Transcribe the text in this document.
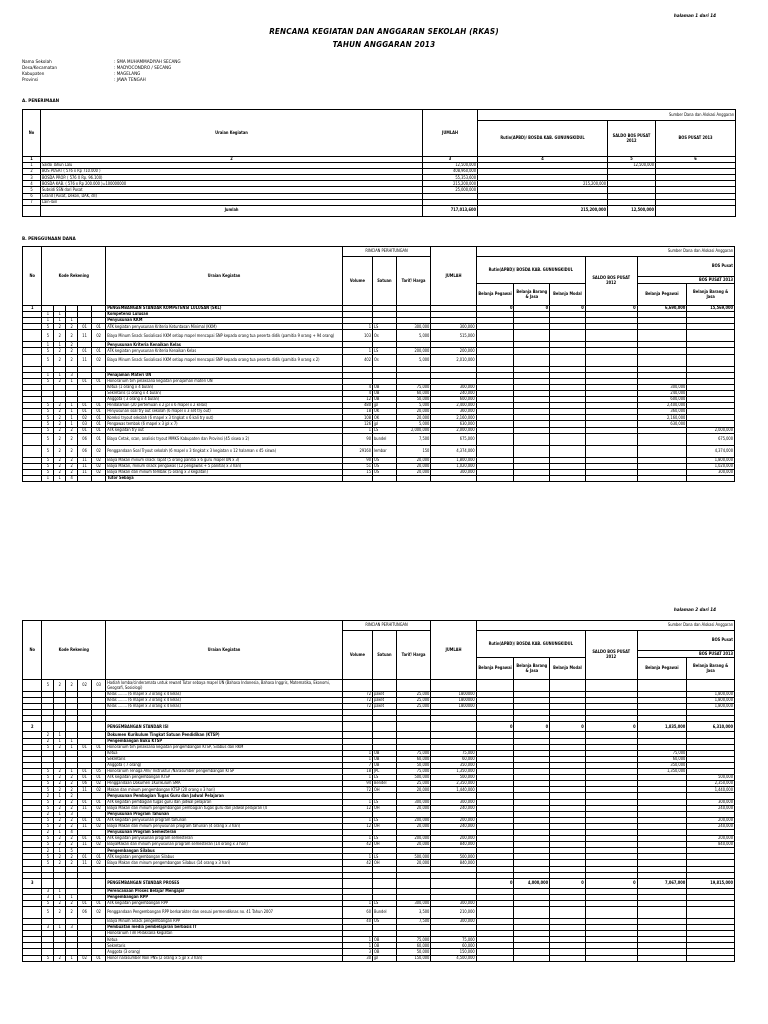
halaman 1 dari 14
RENCANA KEGIATAN DAN ANGGARAN SEKOLAH (RKAS)
TAHUN ANGGARAN 2013
Nama Sekolah	: SMA MUHAMMADIYAH SECANG
Desa/Kecamatan	: MADYOCONDRO / SECANG
Kabupaten	: MAGELANG
Provinsi	: JAWA TENGAH
A. PENERIMAAN
No	Uraian Kegiatan	JUMLAH	Sumber Dana dan Alokasi Anggaran		
			Rutin(APBD)/ BOSDA KAB. GUNUNGKIDUL	SALDO BOS PUSAT 2012	BOS PUSAT 2013
1	2	3	4	5	6
1	Saldo Tahun Lalu	12,500,000		12,500,000	
2	BOS PUSAT ( 576 x Rp 710.000 )	408,960,000			
3	BOSDA PROP. ( 576 X Rp. 96.100)	55,353,600			
4	BOSDA KAB. ( 576 x Rp 200.000 )=100000000	215,200,000	215,200,000		
5	Subsidi SSN dari Pusat	25,000,000			
6	Grand (Pusat, Dekon, DAK, dll)				
7	Lain-lain				
	Jumlah	717,013,600	215,200,000	12,500,000	
B. PENGGUNAAN DANA
No	Kode Rekening					Uraian Kegiatan	RINCIAN PERHITUNGAN			JUMLAH	Sumber Dana dan Alokasi Anggaran					
							Volume	Satuan	Tarif/ Harga		Rutin(APBD)/ BOSDA KAB. GUNUNGKIDUL			SALDO BOS PUSAT 2012	BOS Pusat	
															BOS PUSAT 2013	
											Belanja Pegawai	Belanja Barang & Jasa	Belanja Modal		Belanja Pegawai	Belanja Barang & Jasa
1						PENGEMBANGAN STANDAR KOMPETENSI LULUSAN (SKL)					0	0	0	0	6,690,000	15,569,000
	1	1				Kompetensi Lulusan										
	1	1	1			Penyusunan KKM										
	5	2	2	01	01	ATK kegiatan penyusunan Kriteria Ketuntasan Minimal (KKM)	1	LS	300,000	300,000						
	5	2	2	11	02	Biaya Minum Snack Sosialisasi KKM setiap mapel mencapai SNP kepada orang tua peserta didik (pamitia 9 orang + 94 orang)	103	Os	5,000	515,000						
	1	1	2			Penyusunan Kriteria Kenaikan Kelas										
	5	2	2	01	01	ATK kegiatan penyusunan Kriteria Kenaikan Kelas	1	LS	200,000	200,000						
	5	2	2	11	02	Biaya Minum Snack Sosialisasi KKM setiap mapel mencapai SNP kepada orang tua peserta didik (pamitia 9 orang x 2)	402	Os	5,000	2,010,000						

	1	1	3			Penajaman Materi UN										
	5	2	1	01	01	Honorarium tim pelaksana kegiatan penajaman materi UN										
						Ketua (1 orang x 4 bulan)	4	OB	75,000	300,000					300,000	
						Sekretaris (1 orang x 4 bulan)	4	OB	60,000	240,000					240,000	
						Anggota ( 3 orang x 4 bulan)	12	OB	50,000	600,000					600,000	
	5	2	1	01	01	Pendalaman (20 pertemuan x 2 jpl x 6 mapel x 2 kelas)	480	jpl	5,000	2,400,000					2,400,000	
	5	2	1	01	01	Penyusunan soal try out sekolah (6 mapel x 3 set try out)	18	OK	20,000	360,000					360,000	
	5	2	1	02	01	Koreksi tryout sekolah (6 mapel x 3 tingkat x 6 kali try out)	108	OK	20,000	2,160,000					2,160,000	
	5	2	1	03	01	Pengawas tembak (6 mapel x 3 jpl x 7)	126	jpl	5,000	630,000					630,000	
	5	2	2	01	01	ATK kegiatan try out	1	LS	2,000,000	2,000,000						2,000,000
	5	2	2	06	01	Biaya Cetak, scan, analisis tryout MMKS Kabupaten dan Provinsi (45 siswa x 2)	90	bundel	7,500	675,000						675,000
	5	2	2	06	02	Penggandaan Soal Tryout sekolah (6 mapel x 3 tingkat x 3 kegiatan x 12 halaman x 45 siswa)	29160	lembar	150	4,374,000						4,374,000
	5	2	2	11	02	Biaya Makan minum snack rapat (5 orang panitia x 6 guru mapel UN x 3)	90	OS	20,000	1,800,000						1,800,000
	5	2	2	11	02	Biaya Makan, minum snack pengawas (12 pengawas + 5 panitia) x 3 hari)	51	OS	20,000	1,020,000						1,020,000
	5	2	2	11	02	Biaya Makan dan minum tembak (5 orang x 3 kegiatan)	15	OS	20,000	300,000						300,000
	1	1	4			Tutor Sebaya										
halaman 2 dari 14
No	Kode Rekening					Uraian Kegiatan	RINCIAN PERHITUNGAN			JUMLAH	Sumber Dana dan Alokasi Anggaran					
							Volume	Satuan	Tarif/ Harga		Rutin(APBD)/ BOSDA KAB. GUNUNGKIDUL			SALDO BOS PUSAT 2012	BOS Pusat	
															BOS PUSAT 2013	
											Belanja Pegawai	Belanja Barang & Jasa	Belanja Modal		Belanja Pegawai	Belanja Barang & Jasa
	5	2	2	02	03	Hadiah lomba/cinderamata untuk reward Tutor sebaya mapel UN (Bahasa Indonesia, Bahasa Inggris, Matematika, Ekonomi, Geografi, Sosiologi)										
						Kelas ........ (6 mapel x 3 orang x 4 kelas)	72	paket	25,000	1800000						1,800,000
						Kelas ........ (6 mapel x 3 orang x 4 kelas)	72	paket	25,000	1800000						1,800,000
						Kelas ........ (6 mapel x 3 orang x 4 kelas)	72	paket	25,000	1800000						1,800,000

2						PENGEMBANGAN STANDAR ISI					0	0	0	0	1,835,000	6,310,000
	2	1				Dokumen Kurikulum Tingkat Satuan Pendidikan (KTSP)										
	2	1	1			Pengembangan Buku KTSP										
	5	2	1	01	01	Honorarium tim pelaksana kegiatan pengembangan KTSP, Silabus dan RKM										
						Ketua	1	OB	75,000	75,000					75,000	
						Sekretaris	1	OB	60,000	60,000					60,000	
						Anggota ( 7 orang)	7	OB	50,000	350,000					350,000	
	5	2	1	01	05	Honorarium Tenaga Ahli/ Instruktur /Narasumber pengembangan KTSP	18	JPL	75,000	1,350,000					1,350,000	
	5	2	2	01	01	ATK kegiatan pengembangan KTSP	1	LS	500,000	500,000						500,000
	5	2	2	06	02	Penggandaan Dokumen 1Kurikulum SMA	94	Bendel	25,000	2,350,000						2,350,000
	5	2	2	11	02	Makan dan minum pengembangan KTSP (20 orang x 3 hari)	72	OH	20,000	1,440,000						1,440,000
	2	1	2			Penyusunan Pembagian Tugas Guru dan Jadwal Pelajaran										
	5	2	2	01	01	ATK kegiatan pembagian tugas guru dan jadwal pelajaran	1	LS	300,000	300,000						300,000
	5	2	2	11	02	Biaya Makan dan minum pengembangan pembagian tugas guru dan jadwal pelajaran (4	12	OH	20,000	240,000						240,000
	2	1	3			Penyusunan Program Tahunan										
	5	2	2	01	01	ATK kegiatan penyusunan program tahunan	1	LS	200,000	200,000						200,000
	5	2	2	11	02	Biaya Makan dan minum penyusunan program tahunan (4 orang x 3 hari)	12	OH	20,000	240,000						240,000
	2	1	4			Penyusunan Program Semesteran										
	5	2	2	01	01	ATK kegiatan penyusunan program semesteran	1	LS	200,000	200,000						200,000
	5	2	2	11	02	BiayaMakan dan minum penyusunan program semesteran (14 orang x 3 hari)	42	OH	20,000	840,000						840,000
	2	1	5			Pengembangan Silabus										
	5	2	2	01	01	ATK kegiatan pengembangan Silabus	1	LS	500,000	500,000						
	5	2	2	11	02	Biaya Makan dan minum pengembangan Silabus (14 orang x 3 hari)	42	OH	20,000	840,000						

3						PENGEMBANGAN STANDAR PROSES					0	4,000,000	0	0	7,067,000	19,815,000
	3	1				Perencanaan Proses Belajar Mengajar										
	3	1	1			Pengembangan RPP										
	5	2	2	01	01	ATK kegiatan pengembangan RPP	1	LS	300,000	300,000						
	5	2	2	06	02	Penggandaan Pengembangan RPP berkarakter dan sesuai permendiknas no. 41 Tahun 2007	60	Bundel	3,500	210,000						
						Biaya Minum Snack pengembangan RPP	40	OS	7,500	300,000						
	3	1	3			Pembuatan media pembelajaran berbasis IT										
						Honorarium Tim Pelaksana Kegiatan										
						Ketua	1	OB	75,000	75,000						
						Sekretaris	1	OB	60,000	60,000						
						Anggota (3 orang)	3	OB	50,000	150,000						
	5	2	1	02	01	Honor narasumber Non PNS (2 orang x 5 jpl x 3 hari)	30	jpl	150,000	4,500,000						
